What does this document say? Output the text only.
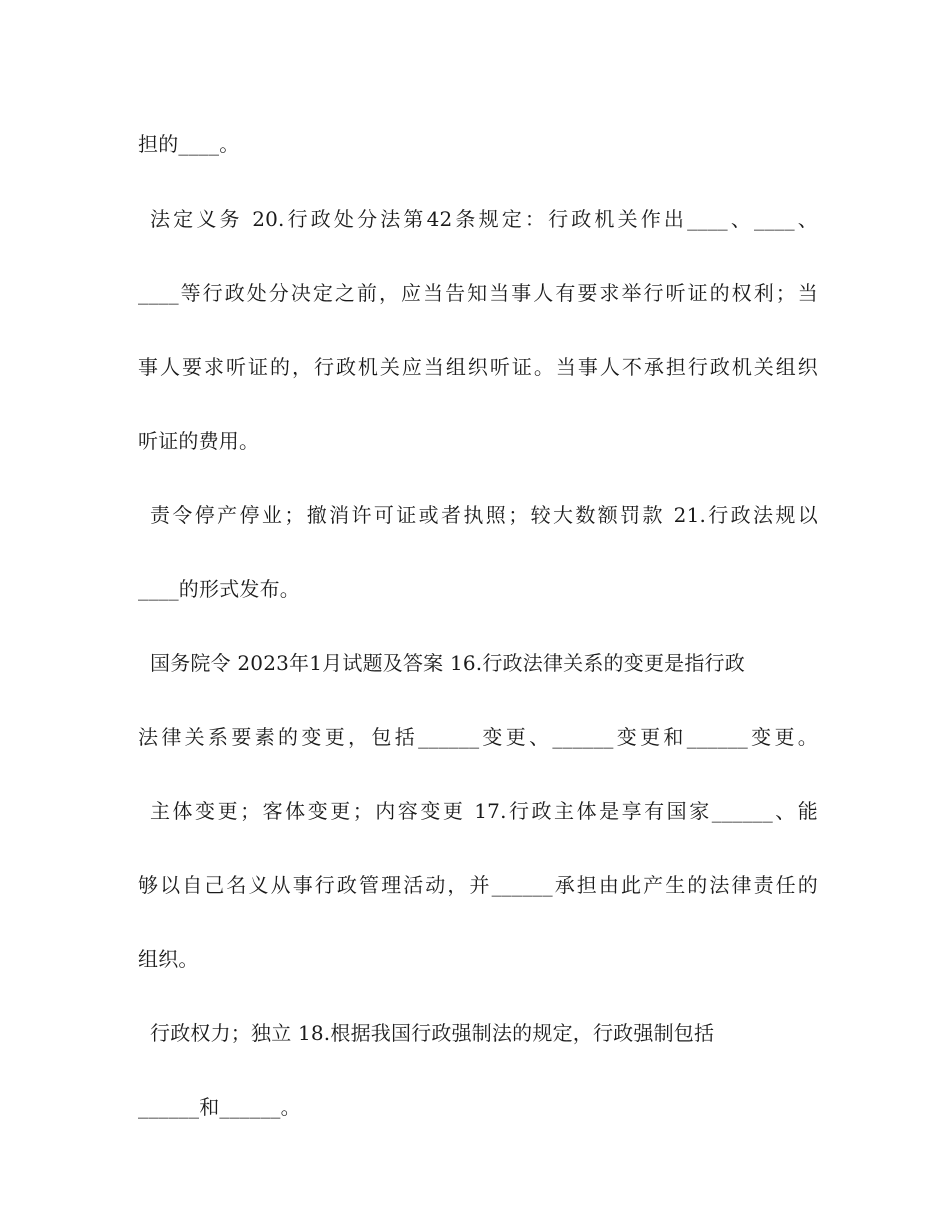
担的____。

法定义务 20.行政处分法第42条规定：行政机关作出____、____、

____等行政处分决定之前，应当告知当事人有要求举行听证的权利；当

事人要求听证的，行政机关应当组织听证。当事人不承担行政机关组织

听证的费用。

责令停产停业；撤消许可证或者执照；较大数额罚款 21.行政法规以

____的形式发布。

国务院令 2023年1月试题及答案 16.行政法律关系的变更是指行政

法律关系要素的变更，包括______变更、______变更和______变更。

主体变更；客体变更；内容变更 17.行政主体是享有国家______、能

够以自己名义从事行政管理活动，并______承担由此产生的法律责任的

组织。

行政权力；独立 18.根据我国行政强制法的规定，行政强制包括

______和______。
